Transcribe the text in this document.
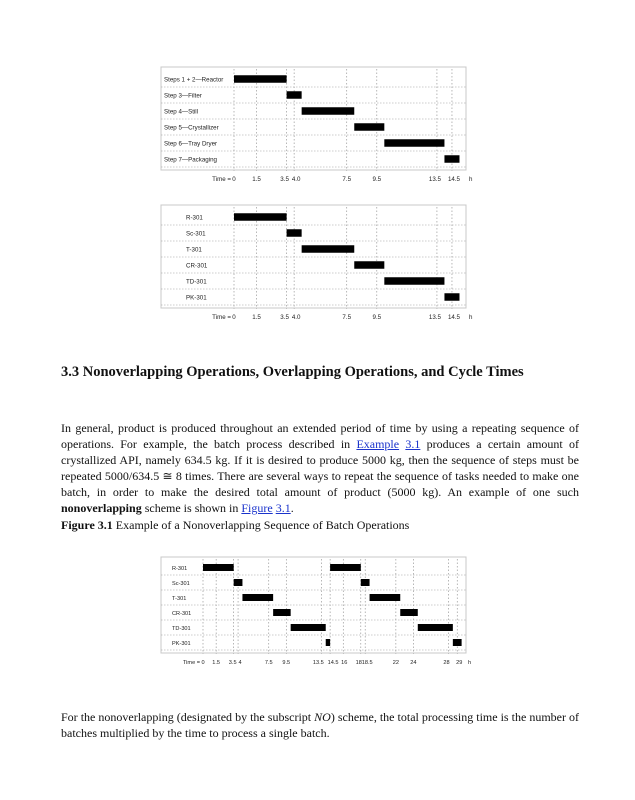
Steps 1 + 2—Reactor
Step 3—Filter
Step 4—Still
Step 5—Crystallizer
Step 6—Tray Dryer
Step 7—Packaging
Time = 0	1.5	3.5 4.0	7.5	9.5	13.5 14.5 h
R-301
Sc-301
T-301
CR-301
TD-301
PK-301
Time = 0	1.5	3.5 4.0	7.5	9.5	13.5 14.5 h
3.3 Nonoverlapping Operations, Overlapping Operations, and Cycle Times

In general, product is produced throughout an extended period of time by using a repeating sequence of operations. For example, the batch process described in Example 3.1 produces a certain amount of crystallized API, namely 634.5 kg. If it is desired to produce 5000 kg, then the sequence of steps must be repeated 5000/634.5 ≅ 8 times. There are several ways to repeat the sequence of tasks needed to make one batch, in order to make the desired total amount of product (5000 kg). An example of one such nonoverlapping scheme is shown in Figure 3.1.

Figure 3.1 Example of a Nonoverlapping Sequence of Batch Operations

R-301
Sc-301
T-301
CR-301
TD-301
PK-301
Time = 0 1.5 3.5 4	7.5 9.5	13.5 14.5 16 18 18.5	22 24	28 29 h

For the nonoverlapping (designated by the subscript NO) scheme, the total processing time is the number of batches multiplied by the time to process a single batch.
